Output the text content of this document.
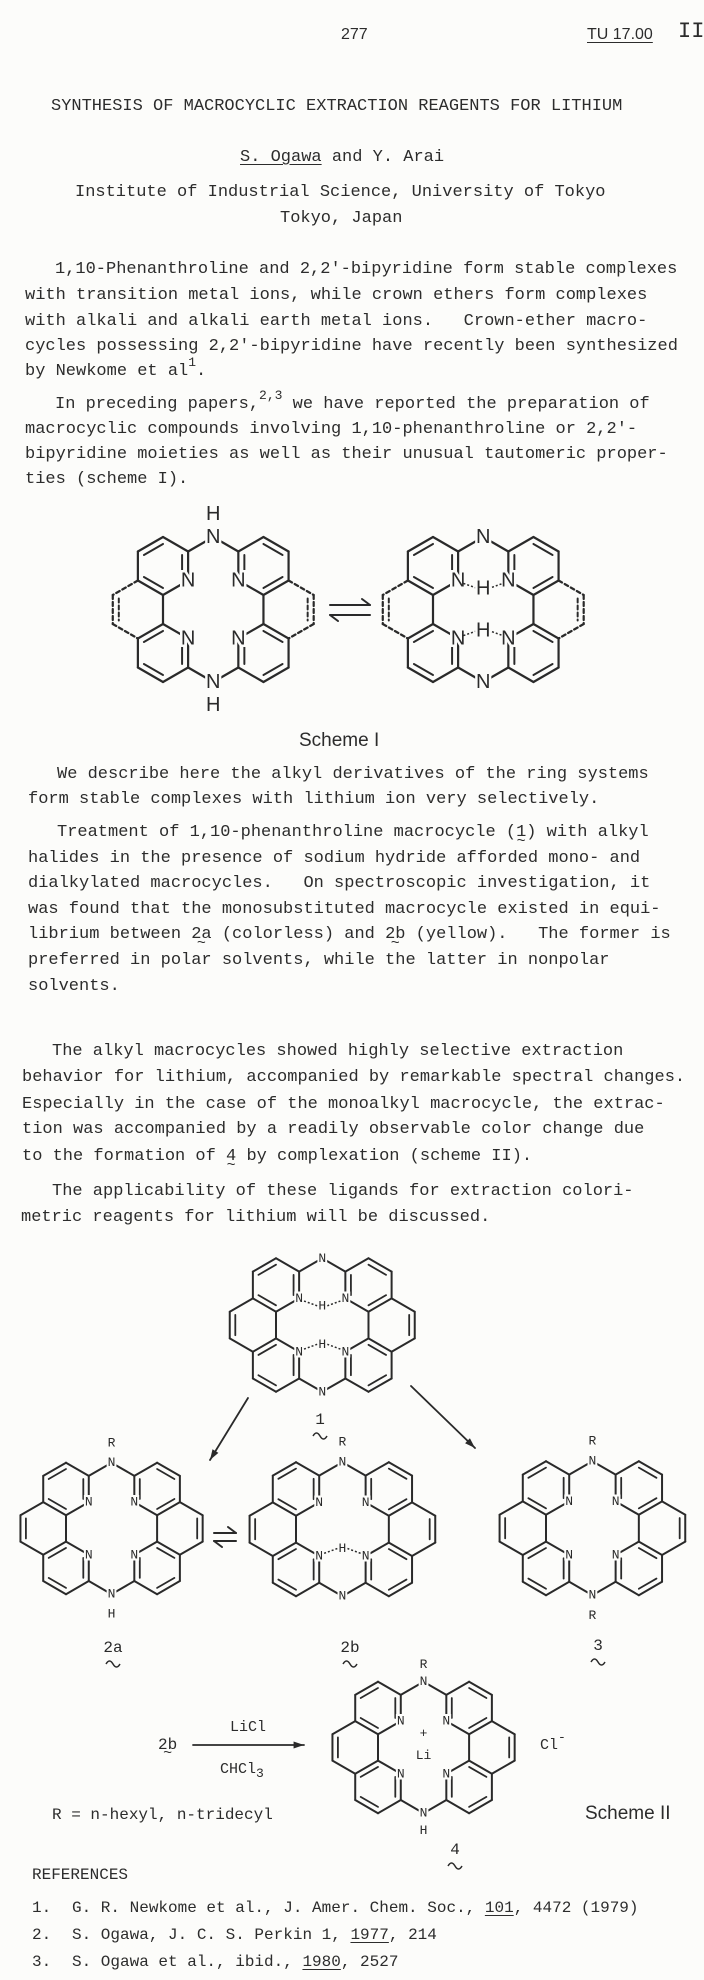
277	TU 17.00 II
SYNTHESIS OF MACROCYCLIC EXTRACTION REAGENTS FOR LITHIUM
S. Ogawa and Y. Arai
Institute of Industrial Science, University of Tokyo
Tokyo, Japan
1,10-Phenanthroline and 2,2'-bipyridine form stable complexes
with transition metal ions, while crown ethers form complexes
with alkali and alkali earth metal ions.   Crown-ether macro-
cycles possessing 2,2'-bipyridine have recently been synthesized
by Newkome et $al^1$.
In preceding papers,$^{2,3}$ we have reported the preparation of
macrocyclic compounds involving 1,10-phenanthroline or 2,2'-
bipyridine moieties as well as their unusual tautomeric proper-
ties (scheme I).
Scheme I
We describe here the alkyl derivatives of the ring systems
form stable complexes with lithium ion very selectively.
Treatment of 1,10-phenanthroline macrocycle (1 ~) with alkyl
halides in the presence of sodium hydride afforded mono- and
dialkylated macrocycles.   On spectroscopic investigation, it
was found that the monosubstituted macrocycle existed in equi-
librium between 2a ~ (colorless) and 2b ~ (yellow).   The former is
preferred in polar solvents, while the latter in nonpolar
solvents.
The alkyl macrocycles showed highly selective extraction
behavior for lithium, accompanied by remarkable spectral changes.
Especially in the case of the monoalkyl macrocycle, the extrac-
tion was accompanied by a readily observable color change due
to the formation of 4 ~ by complexation (scheme II).
The applicability of these ligands for extraction colori-
metric reagents for lithium will be discussed.
N
N
N
N
N
N
H
H
N
N
N
N
N
N
H
H
N
N
N
N
N
N
H
H
1
N
N
N
N
N
N
R
H
2a
N
N
N
N
N
N
R
H
2b
N
N
N
N
N
N
R
R
3
N
N
N
N
N
N
R
H
+
Li
4
2b ~
LiCl
CHCl$_3$
Cl-
R = n-hexyl, n-tridecyl	Scheme II
REFERENCES
1. G. R. Newkome et al., J. Amer. Chem. Soc., 101, 4472 (1979)
2. S. Ogawa, J. C. S. Perkin 1, 1977, 214
3. S. Ogawa et al., ibid., 1980, 2527
